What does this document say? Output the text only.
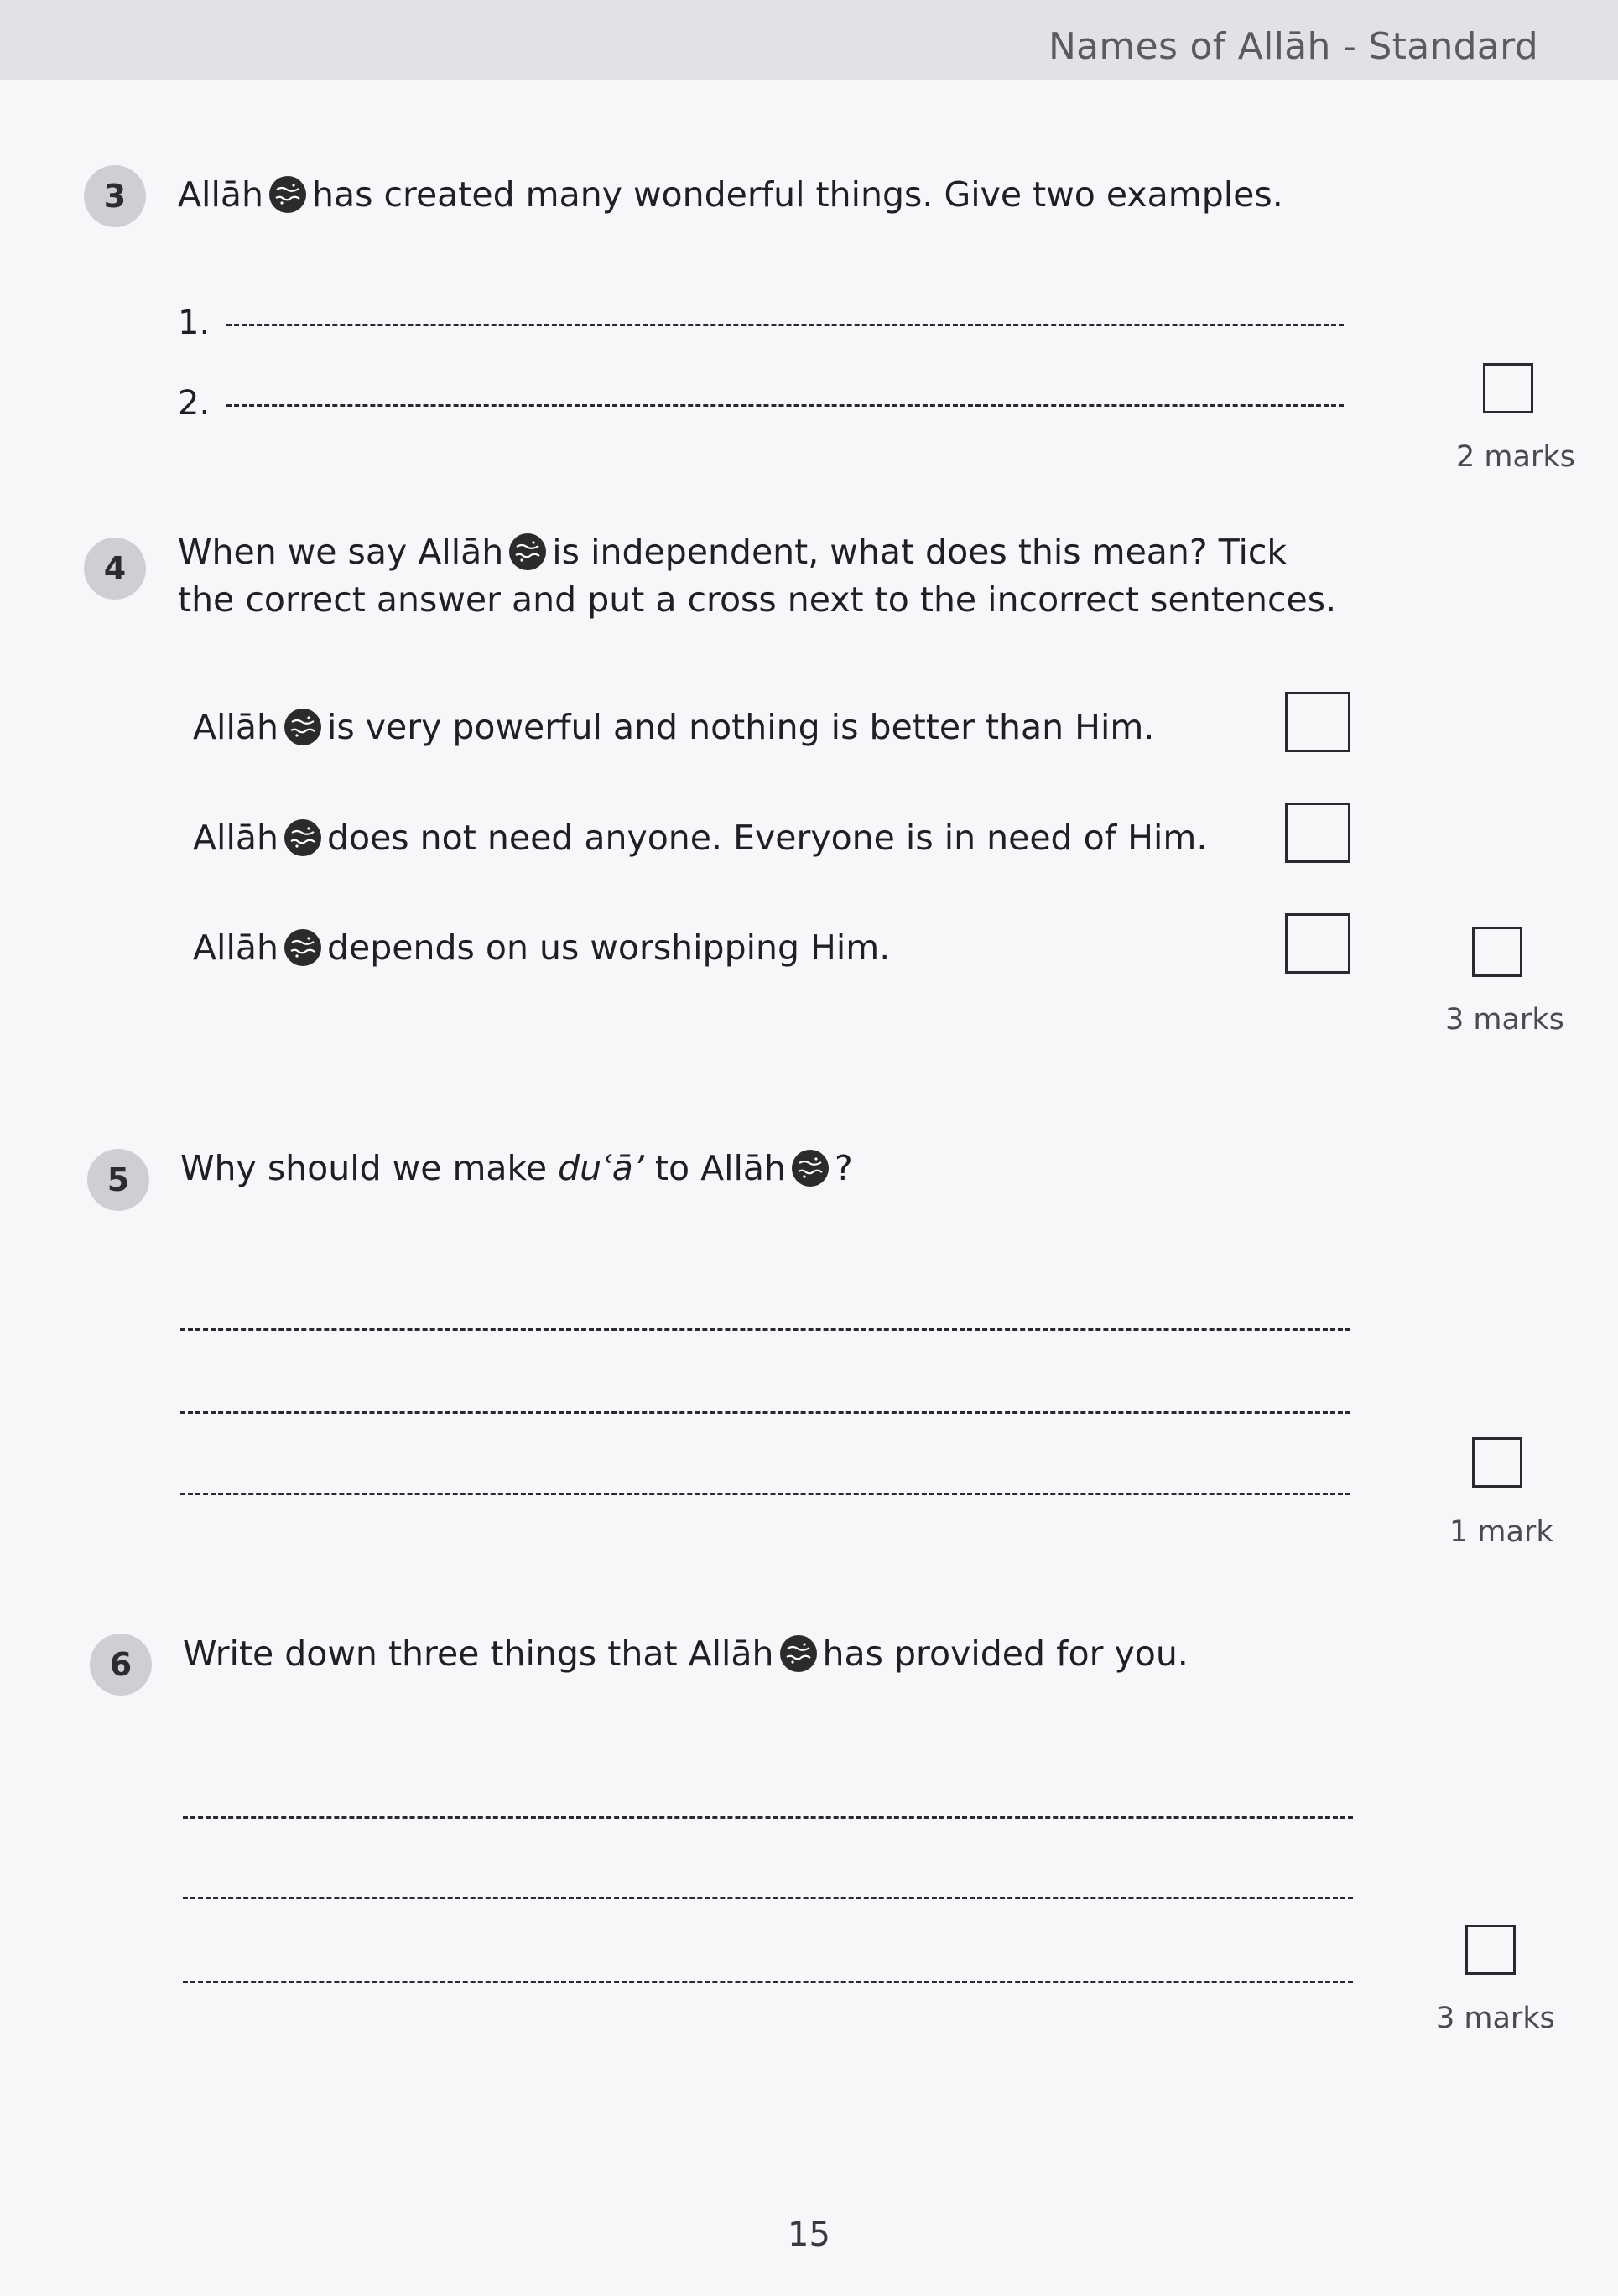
Names of Allāh - Standard
3	Allāh has created many wonderful things. Give two examples.
1.
2.
2 marks
4	When we say Allāh is independent, what does this mean? Tick
the correct answer and put a cross next to the incorrect sentences.
Allāh is very powerful and nothing is better than Him.
Allāh does not need anyone. Everyone is in need of Him.
Allāh depends on us worshipping Him.
3 marks
5	Why should we make duʿā’ to Allāh ?
1 mark
6	Write down three things that Allāh has provided for you.
3 marks
15
